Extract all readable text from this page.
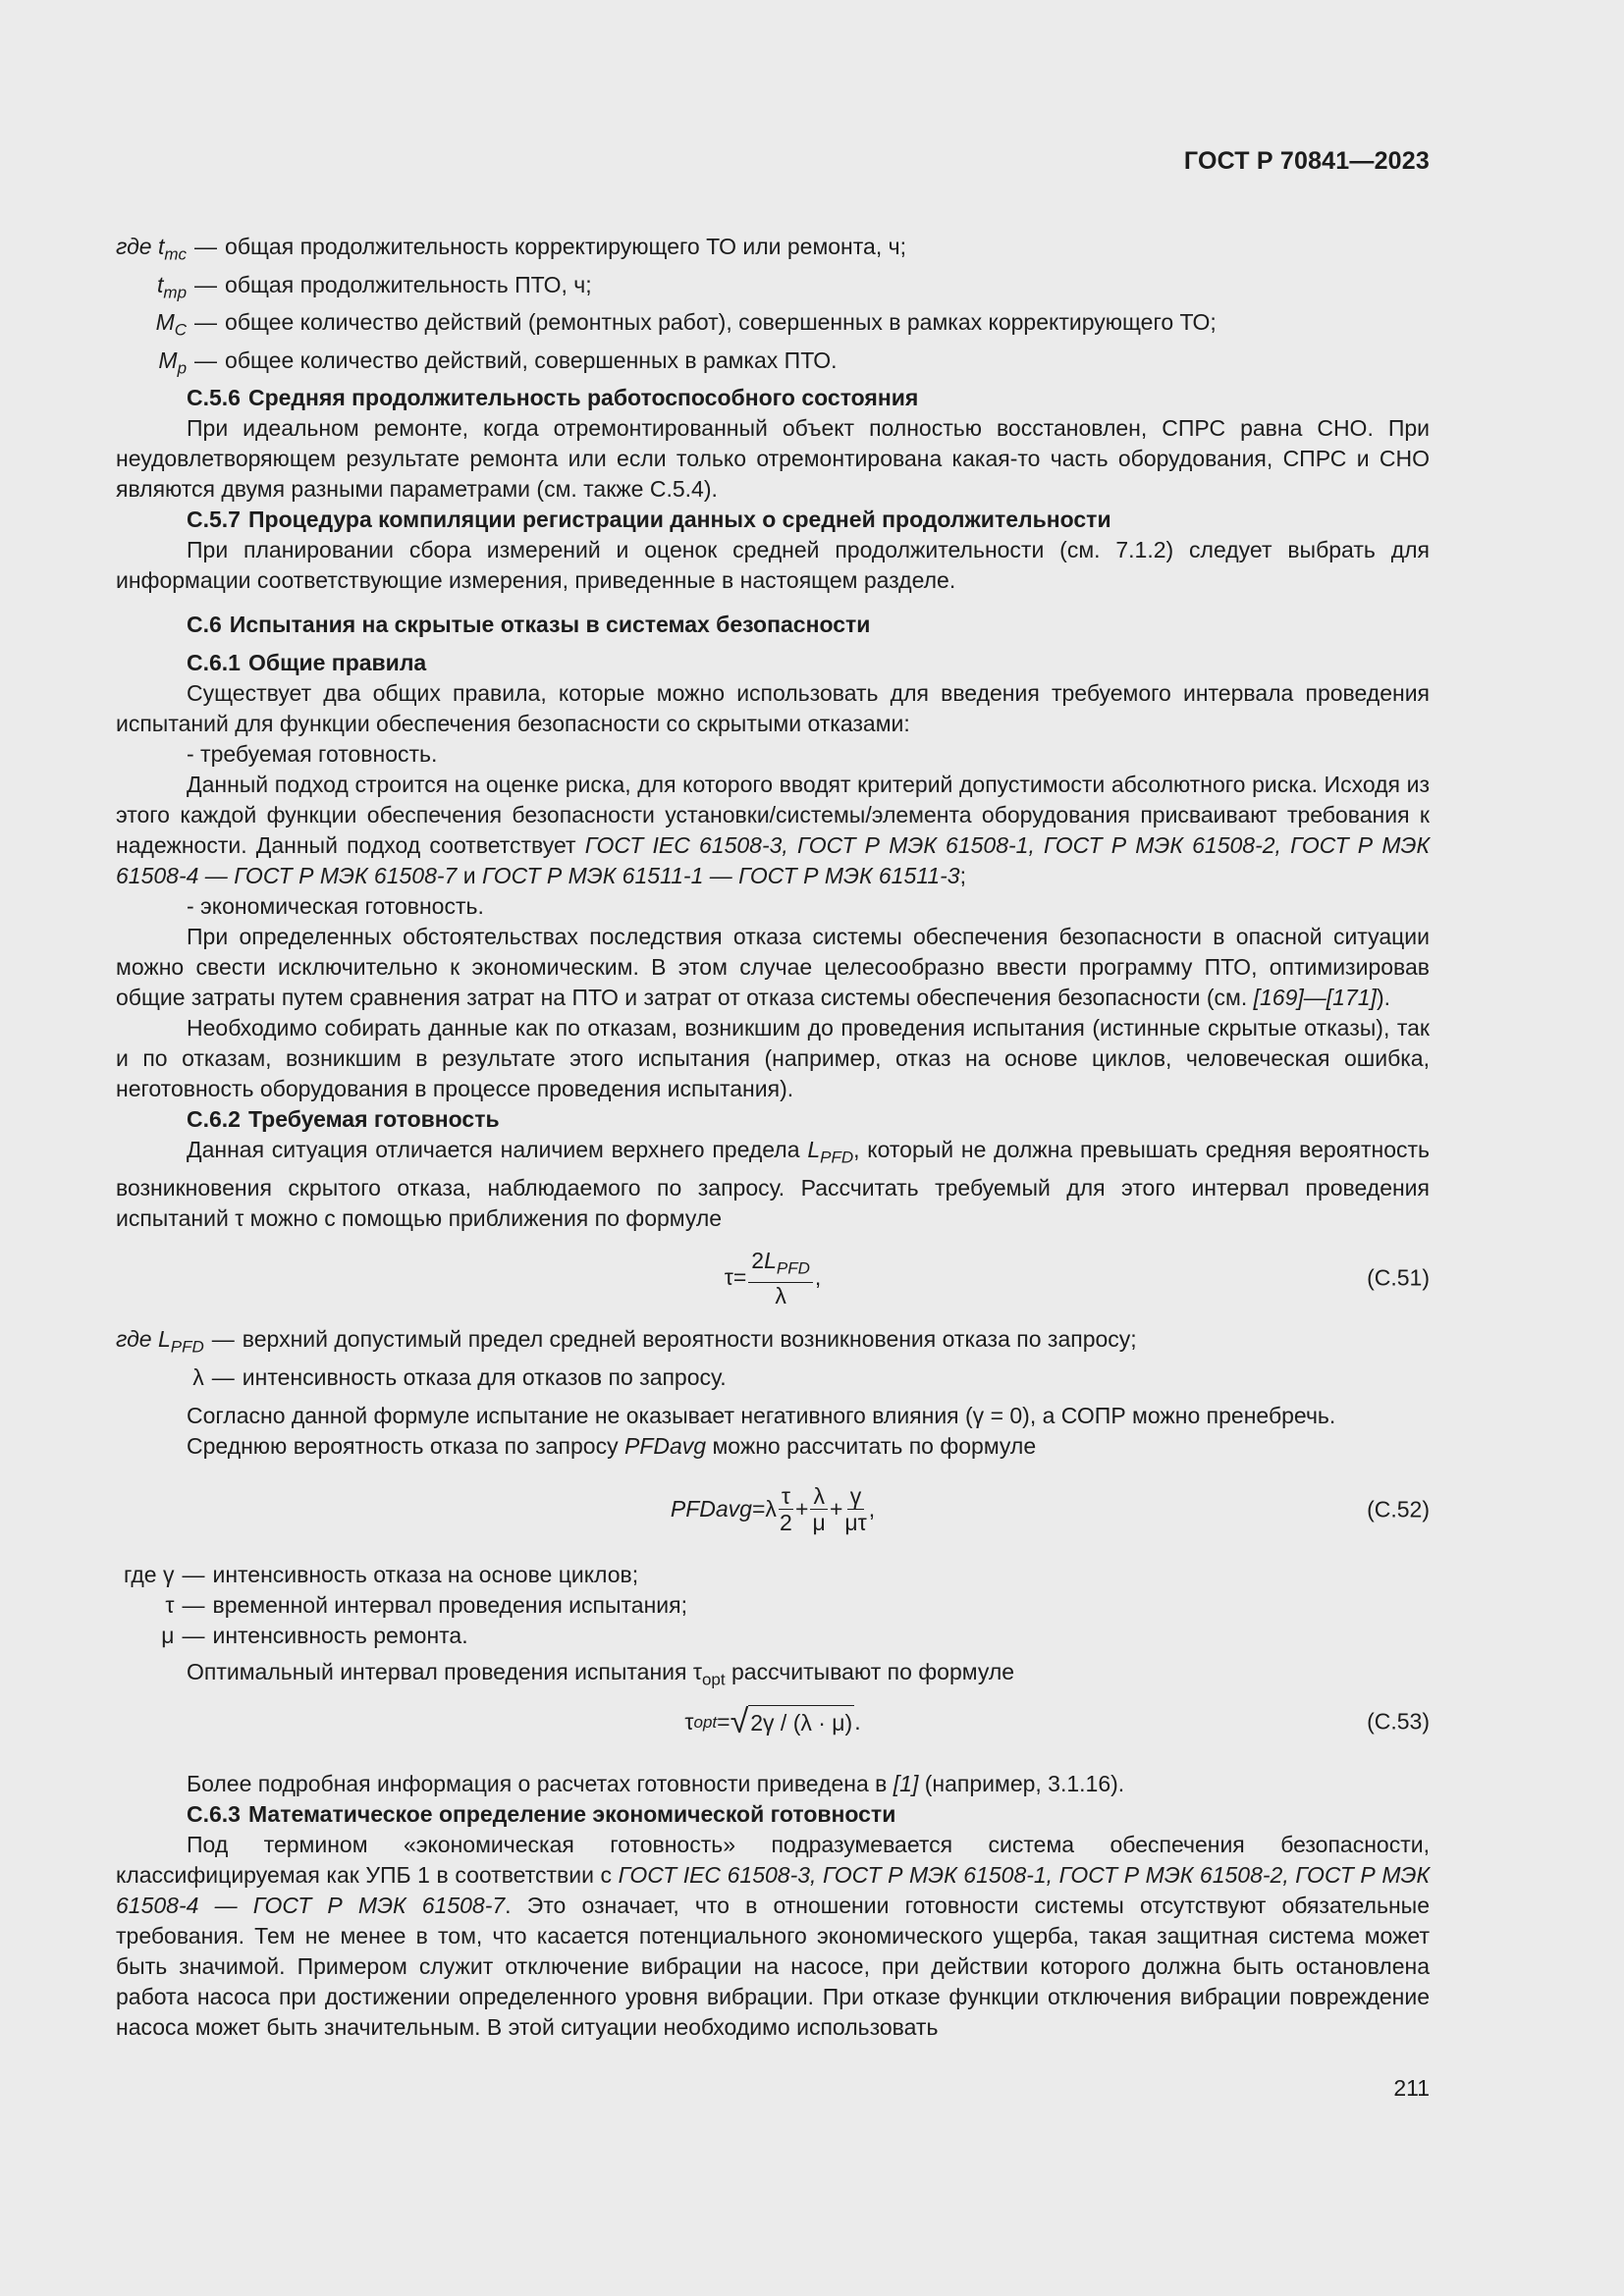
ГОСТ Р 70841—2023
где $t_{mc}$ — общая продолжительность корректирующего ТО или ремонта, ч;
$t_{mp}$ — общая продолжительность ПТО, ч;
$M_C$ — общее количество действий (ремонтных работ), совершенных в рамках корректирующего ТО;
$M_p$ — общее количество действий, совершенных в рамках ПТО.
С.5.6 Средняя продолжительность работоспособного состояния

При идеальном ремонте, когда отремонтированный объект полностью восстановлен, СПРС равна СНО. При неудовлетворяющем результате ремонта или если только отремонтирована какая-то часть оборудования, СПРС и СНО являются двумя разными параметрами (см. также С.5.4).

С.5.7 Процедура компиляции регистрации данных о средней продолжительности

При планировании сбора измерений и оценок средней продолжительности (см. 7.1.2) следует выбрать для информации соответствующие измерения, приведенные в настоящем разделе.

С.6 Испытания на скрытые отказы в системах безопасности
С.6.1 Общие правила

Существует два общих правила, которые можно использовать для введения требуемого интервала проведения испытаний для функции обеспечения безопасности со скрытыми отказами:

- требуемая готовность.

Данный подход строится на оценке риска, для которого вводят критерий допустимости абсолютного риска. Исходя из этого каждой функции обеспечения безопасности установки/системы/элемента оборудования присваивают требования к надежности. Данный подход соответствует ГОСТ IEC 61508-3, ГОСТ Р МЭК 61508-1, ГОСТ Р МЭК 61508-2, ГОСТ Р МЭК 61508-4 — ГОСТ Р МЭК 61508-7 и ГОСТ Р МЭК 61511-1 — ГОСТ Р МЭК 61511-3;

- экономическая готовность.

При определенных обстоятельствах последствия отказа системы обеспечения безопасности в опасной ситуации можно свести исключительно к экономическим. В этом случае целесообразно ввести программу ПТО, оптимизировав общие затраты путем сравнения затрат на ПТО и затрат от отказа системы обеспечения безопасности (см. [169]—[171]).

Необходимо собирать данные как по отказам, возникшим до проведения испытания (истинные скрытые отказы), так и по отказам, возникшим в результате этого испытания (например, отказ на основе циклов, человеческая ошибка, неготовность оборудования в процессе проведения испытания).

С.6.2 Требуемая готовность

Данная ситуация отличается наличием верхнего предела $L_{PFD}$, который не должна превышать средняя вероятность возникновения скрытого отказа, наблюдаемого по запросу. Рассчитать требуемый для этого интервал проведения испытаний τ можно с помощью приближения по формуле

$\tau = \frac{2L_{PFD}}{\lambda}$ ,	(С.51)
где $L_{PFD}$ — верхний допустимый предел средней вероятности возникновения отказа по запросу;
λ — интенсивность отказа для отказов по запросу.

Согласно данной формуле испытание не оказывает негативного влияния (γ = 0), а СОПР можно пренебречь.

Среднюю вероятность отказа по запросу PFDavg можно рассчитать по формуле

PFDavg = λ $\frac{\tau}{2} + \frac{\lambda}{\mu} + \frac{\gamma}{\mu\tau}$ ,	(С.52)
где γ — интенсивность отказа на основе циклов;
τ — временной интервал проведения испытания;
μ — интенсивность ремонта.

Оптимальный интервал проведения испытания $\tau_{opt}$ рассчитывают по формуле

τ opt = √ 2γ / (λ · μ) .	(С.53)

Более подробная информация о расчетах готовности приведена в [1] (например, 3.1.16).

С.6.3 Математическое определение экономической готовности

Под термином «экономическая готовность» подразумевается система обеспечения безопасности, классифицируемая как УПБ 1 в соответствии с ГОСТ IEC 61508-3, ГОСТ Р МЭК 61508-1, ГОСТ Р МЭК 61508-2, ГОСТ Р МЭК 61508-4 — ГОСТ Р МЭК 61508-7. Это означает, что в отношении готовности системы отсутствуют обязательные требования. Тем не менее в том, что касается потенциального экономического ущерба, такая защитная система может быть значимой. Примером служит отключение вибрации на насосе, при действии которого должна быть остановлена работа насоса при достижении определенного уровня вибрации. При отказе функции отключения вибрации повреждение насоса может быть значительным. В этой ситуации необходимо использовать

211
